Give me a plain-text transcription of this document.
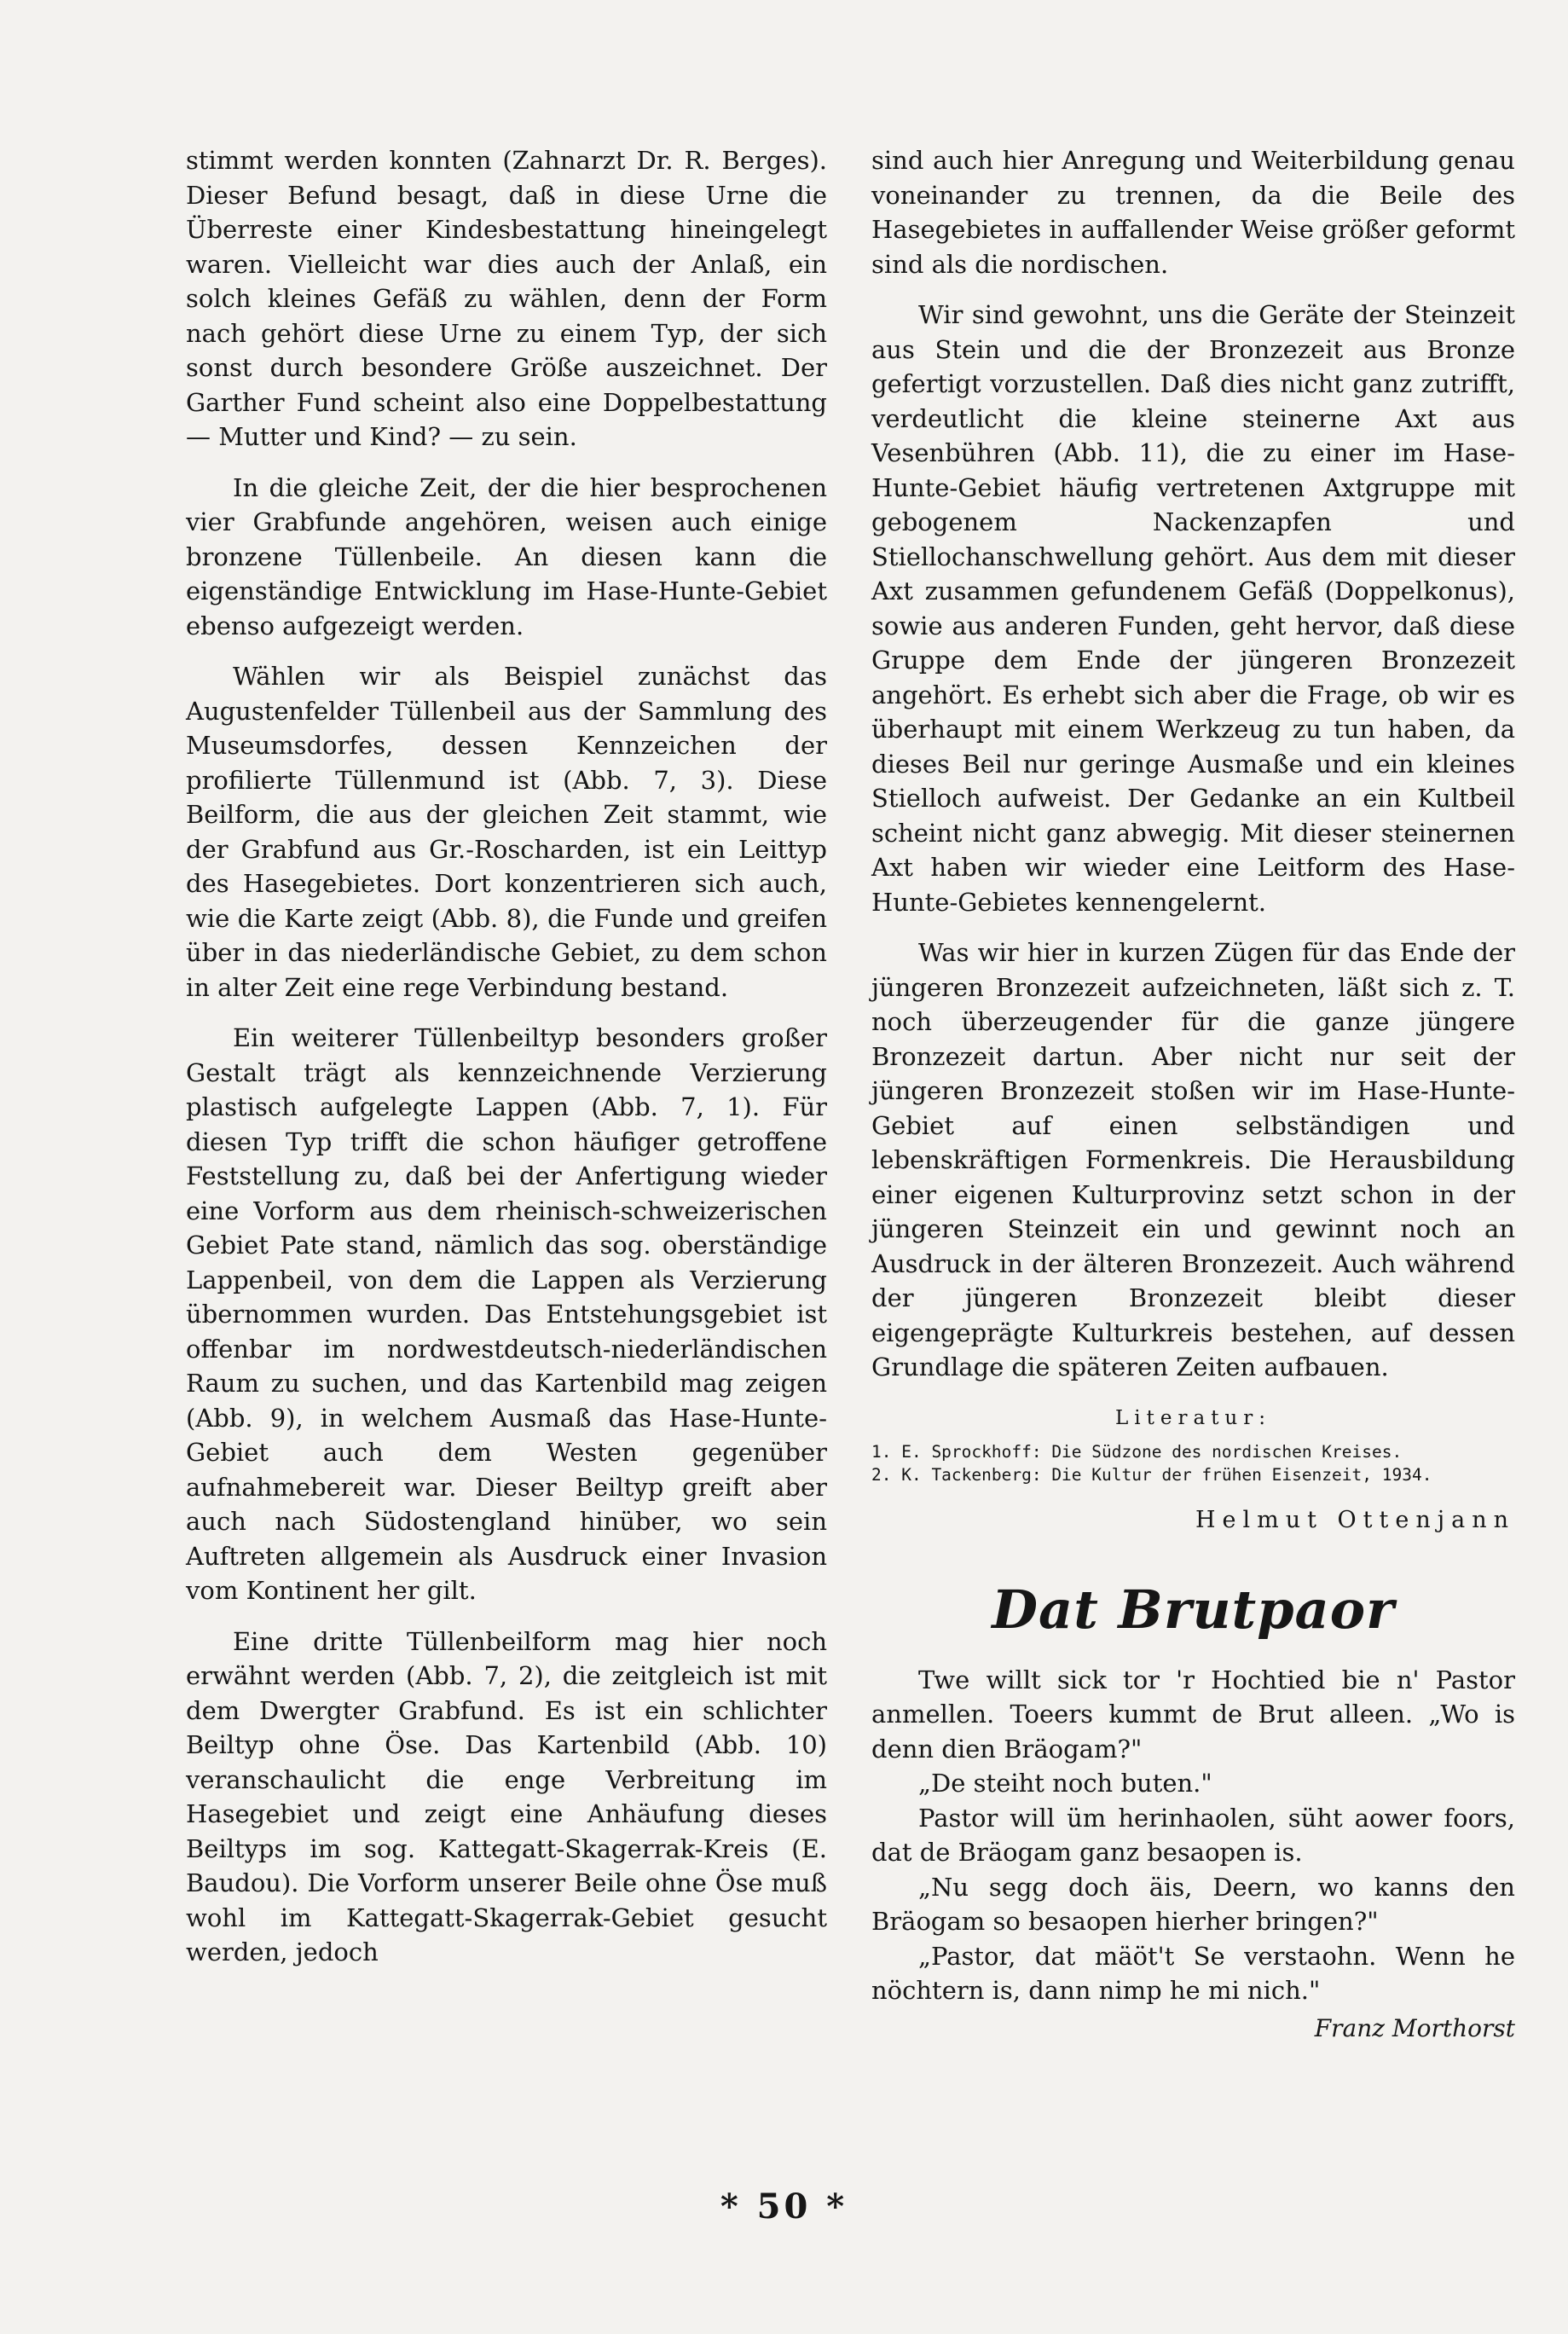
stimmt werden konnten (Zahnarzt Dr. R. Berges). Dieser Befund besagt, daß in diese Urne die Überreste einer Kindesbestattung hineingelegt waren. Vielleicht war dies auch der Anlaß, ein solch kleines Gefäß zu wählen, denn der Form nach gehört diese Urne zu einem Typ, der sich sonst durch besondere Größe auszeichnet. Der Garther Fund scheint also eine Doppelbestattung — Mutter und Kind? — zu sein.

In die gleiche Zeit, der die hier besprochenen vier Grabfunde angehören, weisen auch einige bronzene Tüllenbeile. An diesen kann die eigenständige Entwicklung im Hase-Hunte-Gebiet ebenso aufgezeigt werden.

Wählen wir als Beispiel zunächst das Augustenfelder Tüllenbeil aus der Sammlung des Museumsdorfes, dessen Kennzeichen der profilierte Tüllenmund ist (Abb. 7, 3). Diese Beilform, die aus der gleichen Zeit stammt, wie der Grabfund aus Gr.-Roscharden, ist ein Leittyp des Hasegebietes. Dort konzentrieren sich auch, wie die Karte zeigt (Abb. 8), die Funde und greifen über in das niederländische Gebiet, zu dem schon in alter Zeit eine rege Verbindung bestand.

Ein weiterer Tüllenbeiltyp besonders großer Gestalt trägt als kennzeichnende Verzierung plastisch aufgelegte Lappen (Abb. 7, 1). Für diesen Typ trifft die schon häufiger getroffene Feststellung zu, daß bei der Anfertigung wieder eine Vorform aus dem rheinisch-schweizerischen Gebiet Pate stand, nämlich das sog. oberständige Lappenbeil, von dem die Lappen als Verzierung übernommen wurden. Das Entstehungsgebiet ist offenbar im nordwestdeutsch-niederländischen Raum zu suchen, und das Kartenbild mag zeigen (Abb. 9), in welchem Ausmaß das Hase-Hunte-Gebiet auch dem Westen gegenüber aufnahmebereit war. Dieser Beiltyp greift aber auch nach Südostengland hinüber, wo sein Auftreten allgemein als Ausdruck einer Invasion vom Kontinent her gilt.

Eine dritte Tüllenbeilform mag hier noch erwähnt werden (Abb. 7, 2), die zeitgleich ist mit dem Dwergter Grabfund. Es ist ein schlichter Beiltyp ohne Öse. Das Kartenbild (Abb. 10) veranschaulicht die enge Verbreitung im Hasegebiet und zeigt eine Anhäufung dieses Beiltyps im sog. Kattegatt-Skagerrak-Kreis (E. Baudou). Die Vorform unserer Beile ohne Öse muß wohl im Kattegatt-Skagerrak-Gebiet gesucht werden, jedoch

sind auch hier Anregung und Weiterbildung genau voneinander zu trennen, da die Beile des Hasegebietes in auffallender Weise größer geformt sind als die nordischen.

Wir sind gewohnt, uns die Geräte der Steinzeit aus Stein und die der Bronzezeit aus Bronze gefertigt vorzustellen. Daß dies nicht ganz zutrifft, verdeutlicht die kleine steinerne Axt aus Vesenbühren (Abb. 11), die zu einer im Hase-Hunte-Gebiet häufig vertretenen Axtgruppe mit gebogenem Nackenzapfen und Stiellochanschwellung gehört. Aus dem mit dieser Axt zusammen gefundenem Gefäß (Doppelkonus), sowie aus anderen Funden, geht hervor, daß diese Gruppe dem Ende der jüngeren Bronzezeit angehört. Es erhebt sich aber die Frage, ob wir es überhaupt mit einem Werkzeug zu tun haben, da dieses Beil nur geringe Ausmaße und ein kleines Stielloch aufweist. Der Gedanke an ein Kultbeil scheint nicht ganz abwegig. Mit dieser steinernen Axt haben wir wieder eine Leitform des Hase-Hunte-Gebietes kennengelernt.

Was wir hier in kurzen Zügen für das Ende der jüngeren Bronzezeit aufzeichneten, läßt sich z. T. noch überzeugender für die ganze jüngere Bronzezeit dartun. Aber nicht nur seit der jüngeren Bronzezeit stoßen wir im Hase-Hunte-Gebiet auf einen selbständigen und lebenskräftigen Formenkreis. Die Herausbildung einer eigenen Kulturprovinz setzt schon in der jüngeren Steinzeit ein und gewinnt noch an Ausdruck in der älteren Bronzezeit. Auch während der jüngeren Bronzezeit bleibt dieser eigengeprägte Kulturkreis bestehen, auf dessen Grundlage die späteren Zeiten aufbauen.

Literatur:
1. E. Sprockhoff: Die Südzone des nordischen Kreises.
2. K. Tackenberg: Die Kultur der frühen Eisenzeit, 1934.
Helmut Ottenjann
Dat Brutpaor

Twe willt sick tor 'r Hochtied bie n' Pastor anmellen. Toeers kummt de Brut alleen. „Wo is denn dien Bräogam?"

„De steiht noch buten."

Pastor will üm herinhaolen, süht aower foors, dat de Bräogam ganz besaopen is.

„Nu segg doch äis, Deern, wo kanns den Bräogam so besaopen hierher bringen?"

„Pastor, dat mäöt't Se verstaohn. Wenn he nöchtern is, dann nimp he mi nich."

Franz Morthorst
* 50 *
